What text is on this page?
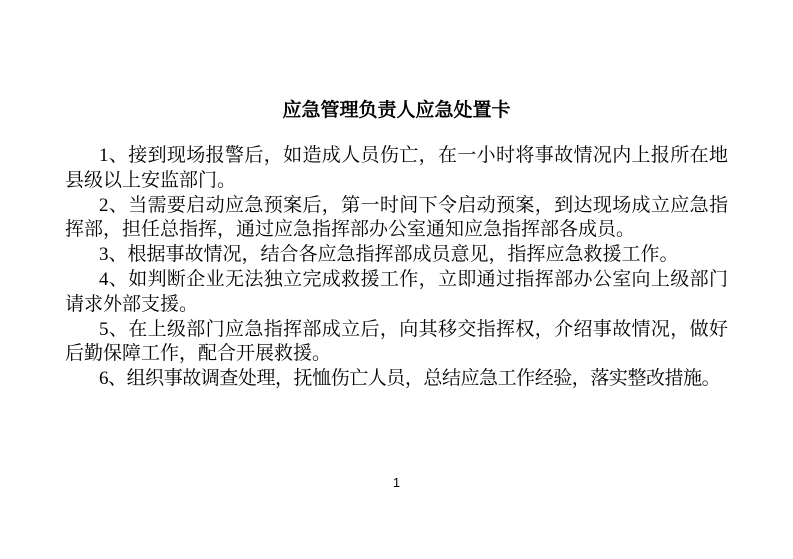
应急管理负责人应急处置卡

1、接到现场报警后，如造成人员伤亡，在一小时将事故情况内上报所在地县级以上安监部门。

2、当需要启动应急预案后，第一时间下令启动预案，到达现场成立应急指挥部，担任总指挥，通过应急指挥部办公室通知应急指挥部各成员。

3、根据事故情况，结合各应急指挥部成员意见，指挥应急救援工作。

4、如判断企业无法独立完成救援工作，立即通过指挥部办公室向上级部门请求外部支援。

5、在上级部门应急指挥部成立后，向其移交指挥权，介绍事故情况，做好后勤保障工作，配合开展救援。

6、组织事故调查处理，抚恤伤亡人员，总结应急工作经验，落实整改措施。

1
